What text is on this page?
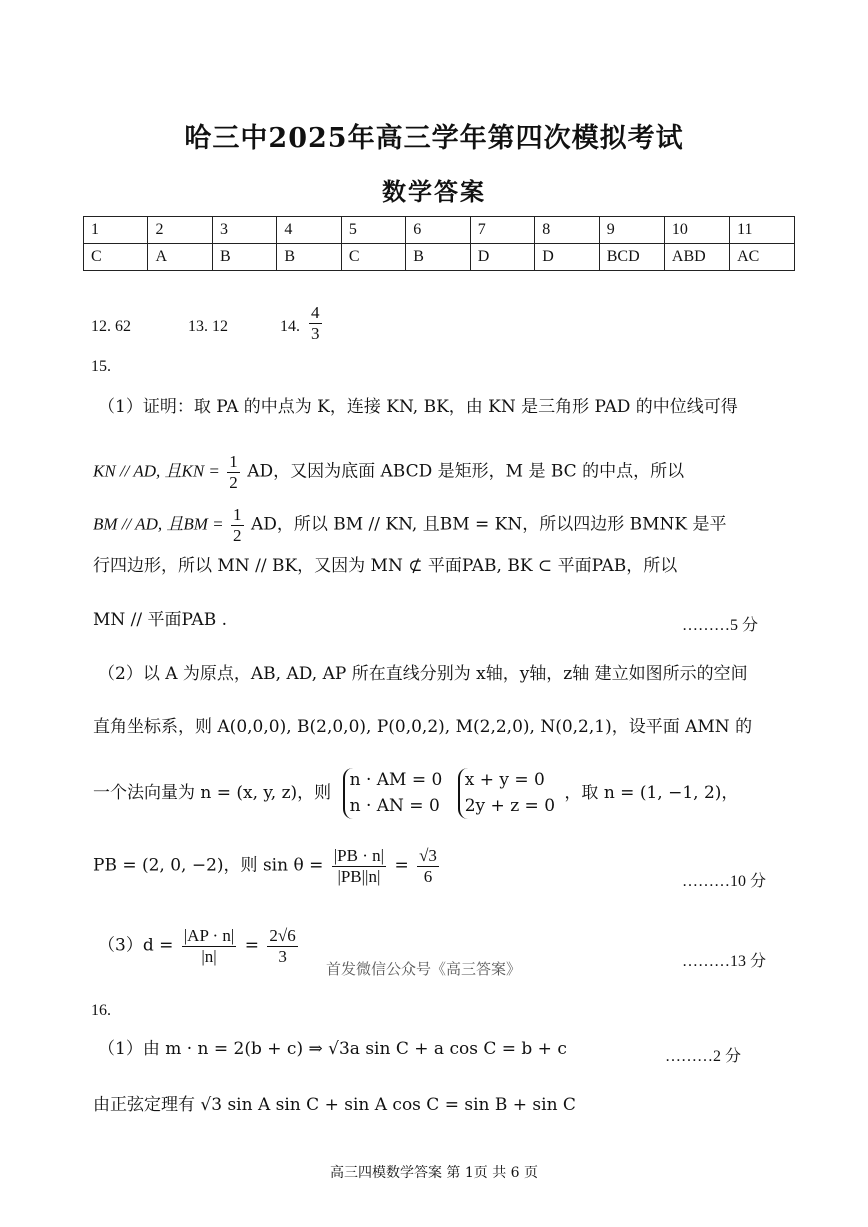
哈三中2025年高三学年第四次模拟考试
数学答案
1	2	3	4	5	6	7	8	9	10	11
C	A	B	B	C	B	D	D	BCD	ABD	AC
12. 62	13. 12	14. $\frac{4}{3}$
15.
（1）证明：取 PA 的中点为 K，连接 KN, BK，由 KN 是三角形 PAD 的中位线可得
KN // AD, 且KN = $\frac{1}{2}$ AD，又因为底面 ABCD 是矩形，M 是 BC 的中点，所以
BM // AD, 且BM = $\frac{1}{2}$ AD，所以 BM // KN, 且BM = KN，所以四边形 BMNK 是平
行四边形，所以 MN // BK，又因为 MN ⊄ 平面PAB, BK ⊂ 平面PAB，所以
MN // 平面PAB .	………5 分
（2）以 A 为原点，AB, AD, AP 所在直线分别为 x轴，y轴，z轴 建立如图所示的空间
直角坐标系，则 A(0,0,0), B(2,0,0), P(0,0,2), M(2,2,0), N(0,2,1)，设平面 AMN 的
一个法向量为 n = (x, y, z)，则
n · AM = 0
n · AN = 0

x + y = 0
2y + z = 0
，取 n = (1, −1, 2)，
PB = (2, 0, −2)，则 $\sin \theta = \frac{|PB \cdot n|}{|PB||n|} = \frac{√3}{6}$	………10 分
$(3)d = \frac{|AP \cdot n|}{|n|} = \frac{2√6}{3}$
首发微信公众号《高三答案》	………13 分
16.
（1）由 m · n = 2(b + c) ⇒ √3a sin C + a cos C = b + c	………2 分
由正弦定理有 √3 sin A sin C + sin A cos C = sin B + sin C
高三四模数学答案 第 1页 共 6 页
